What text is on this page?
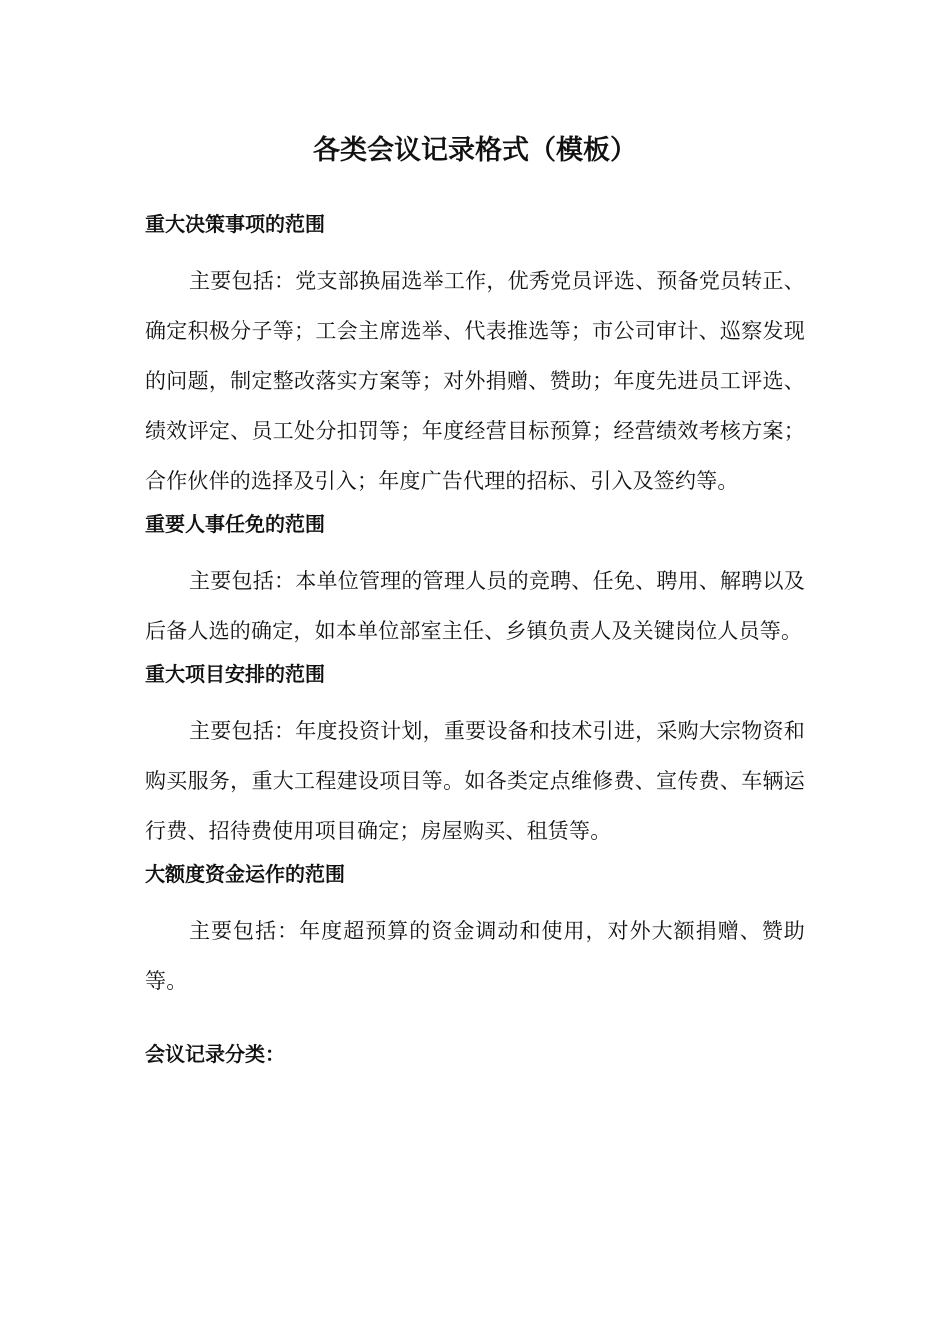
各类会议记录格式（模板）
重大决策事项的范围

主要包括：党支部换届选举工作，优秀党员评选、预备党员转正、确定积极分子等；工会主席选举、代表推选等；市公司审计、巡察发现的问题，制定整改落实方案等；对外捐赠、赞助；年度先进员工评选、绩效评定、员工处分扣罚等；年度经营目标预算；经营绩效考核方案；合作伙伴的选择及引入；年度广告代理的招标、引入及签约等。

重要人事任免的范围

主要包括：本单位管理的管理人员的竞聘、任免、聘用、解聘以及后备人选的确定，如本单位部室主任、乡镇负责人及关键岗位人员等。

重大项目安排的范围

主要包括：年度投资计划，重要设备和技术引进，采购大宗物资和购买服务，重大工程建设项目等。如各类定点维修费、宣传费、车辆运行费、招待费使用项目确定；房屋购买、租赁等。

大额度资金运作的范围

主要包括：年度超预算的资金调动和使用，对外大额捐赠、赞助等。

会议记录分类：
